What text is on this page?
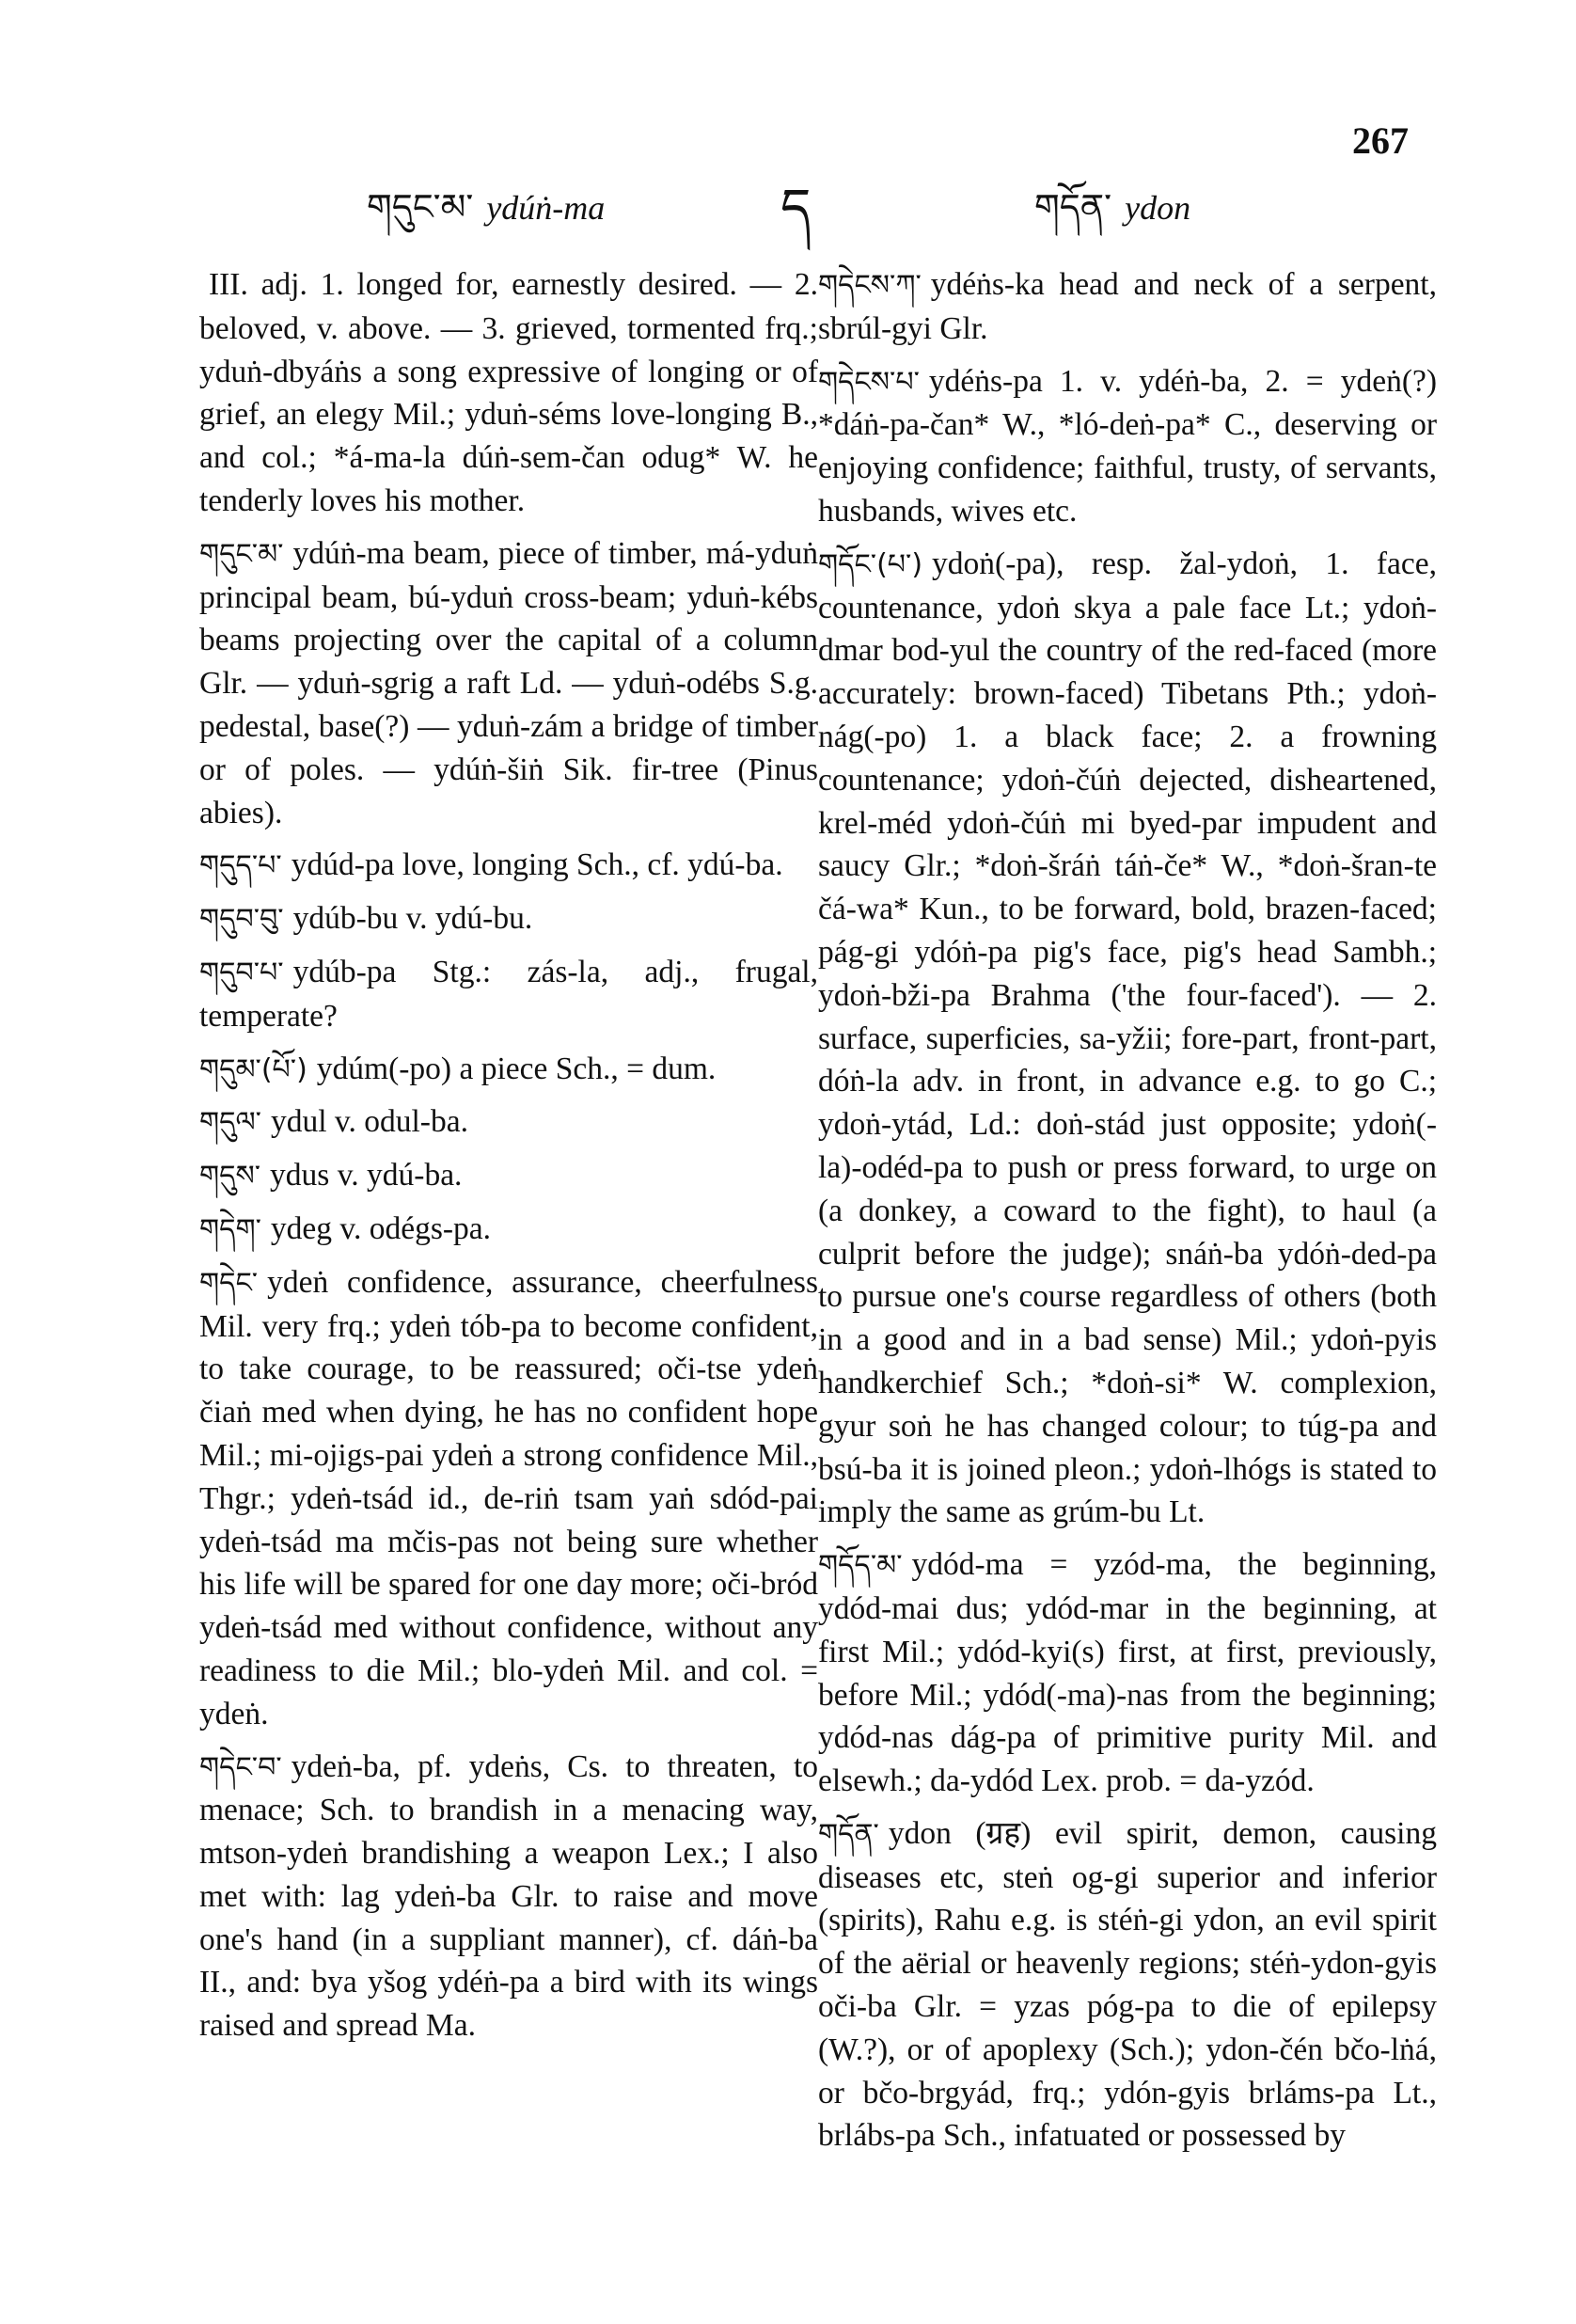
གདུང་མ་ ydúṅ-ma	ད	གདོན་ ydon
267

III. adj. 1. longed for, earnestly desired. — 2. beloved, v. above. — 3. grieved, tormented frq.; yduṅ-dbyáṅs a song expressive of longing or of grief, an elegy Mil.; yduṅ-séms love-longing B., and col.; *á-ma-la dúṅ-sem-čan odug* W. he tenderly loves his mother.

གདུང་མ་ ydúṅ-ma beam, piece of timber, má-yduṅ principal beam, bú-yduṅ cross-beam; yduṅ-kébs beams projecting over the capital of a column Glr. — yduṅ-sgrig a raft Ld. — yduṅ-odébs S.g. pedestal, base(?) — yduṅ-zám a bridge of timber or of poles. — ydúṅ-šiṅ Sik. fir-tree (Pinus abies).

གདུད་པ་ ydúd-pa love, longing Sch., cf. ydú-ba.

གདུབ་བུ་ ydúb-bu v. ydú-bu.

གདུབ་པ་ ydúb-pa Stg.: zás-la, adj., frugal, temperate?

གདུམ་(པོ་) ydúm(-po) a piece Sch., = dum.

གདུལ་ ydul v. odul-ba.

གདུས་ ydus v. ydú-ba.

གདེག་ ydeg v. odégs-pa.

གདེང་ ydeṅ confidence, assurance, cheerfulness Mil. very frq.; ydeṅ tób-pa to become confident, to take courage, to be reassured; oči-tse ydeṅ čiaṅ med when dying, he has no confident hope Mil.; mi-ojigs-pai ydeṅ a strong confidence Mil., Thgr.; ydeṅ-tsád id., de-riṅ tsam yaṅ sdód-pai ydeṅ-tsád ma mčis-pas not being sure whether his life will be spared for one day more; oči-bród ydeṅ-tsád med without confidence, without any readiness to die Mil.; blo-ydeṅ Mil. and col. = ydeṅ.

གདེང་བ་ ydeṅ-ba, pf. ydeṅs, Cs. to threaten, to menace; Sch. to brandish in a menacing way, mtson-ydeṅ brandishing a weapon Lex.; I also met with: lag ydeṅ-ba Glr. to raise and move one's hand (in a suppliant manner), cf. dáṅ-ba II., and: bya yšog ydéṅ-pa a bird with its wings raised and spread Ma.

གདེངས་ཀ་ ydéṅs-ka head and neck of a serpent, sbrúl-gyi Glr.

གདེངས་པ་ ydéṅs-pa 1. v. ydéṅ-ba, 2. = ydeṅ(?) *dáṅ-pa-čan* W., *ló-deṅ-pa* C., deserving or enjoying confidence; faithful, trusty, of servants, husbands, wives etc.

གདོང་(པ་) ydoṅ(-pa), resp. žal-ydoṅ, 1. face, countenance, ydoṅ skya a pale face Lt.; ydoṅ-dmar bod-yul the country of the red-faced (more accurately: brown-faced) Tibetans Pth.; ydoṅ-nág(-po) 1. a black face; 2. a frowning countenance; ydoṅ-čúṅ dejected, disheartened, krel-méd ydoṅ-čúṅ mi byed-par impudent and saucy Glr.; *doṅ-šráṅ táṅ-če* W., *doṅ-šran-te čá-wa* Kun., to be forward, bold, brazen-faced; pág-gi ydóṅ-pa pig's face, pig's head Sambh.; ydoṅ-bži-pa Brahma ('the four-faced'). — 2. surface, superficies, sa-yžii; fore-part, front-part, dóṅ-la adv. in front, in advance e.g. to go C.; ydoṅ-ytád, Ld.: doṅ-stád just opposite; ydoṅ(-la)-odéd-pa to push or press forward, to urge on (a donkey, a coward to the fight), to haul (a culprit before the judge); snáṅ-ba ydóṅ-ded-pa to pursue one's course regardless of others (both in a good and in a bad sense) Mil.; ydoṅ-pyis handkerchief Sch.; *doṅ-si* W. complexion, gyur soṅ he has changed colour; to túg-pa and bsú-ba it is joined pleon.; ydoṅ-lhógs is stated to imply the same as grúm-bu Lt.

གདོད་མ་ ydód-ma = yzód-ma, the beginning, ydód-mai dus; ydód-mar in the beginning, at first Mil.; ydód-kyi(s) first, at first, previously, before Mil.; ydód(-ma)-nas from the beginning; ydód-nas dág-pa of primitive purity Mil. and elsewh.; da-ydód Lex. prob. = da-yzód.

གདོན་ ydon (ग्रह) evil spirit, demon, causing diseases etc, steṅ og-gi superior and inferior (spirits), Rahu e.g. is stéṅ-gi ydon, an evil spirit of the aërial or heavenly regions; stéṅ-ydon-gyis oči-ba Glr. = yzas póg-pa to die of epilepsy (W.?), or of apoplexy (Sch.); ydon-čén bčo-lṅá, or bčo-brgyád, frq.; ydón-gyis brláms-pa Lt., brlábs-pa Sch., infatuated or possessed by
